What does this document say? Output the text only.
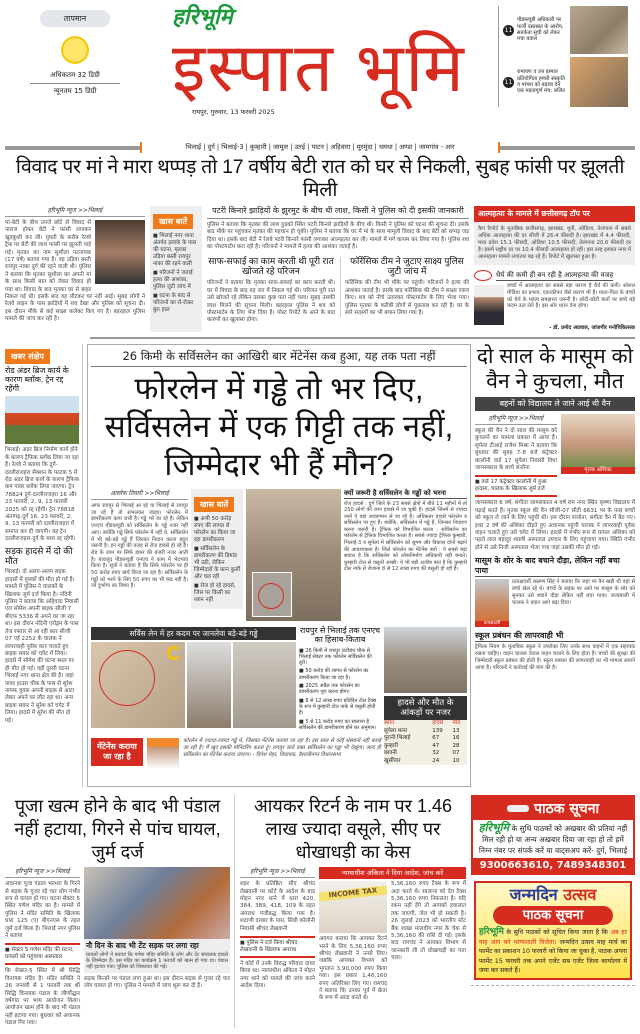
तापमान
अधिकतम 32 डिग्री
न्यूनतम 15 डिग्री
हरिभूमि
इस्पात भूमि
रायपुर, गुरुवार, 13 फरवरी 2025
11
पीडब्ल्यूडी अधिकारी पर फर्जी दस्तखत के आरोप, सतर्कता सूची को लेकर मचा बवाल
11
रामायण व उत्त इस्पात प्रतियोगिता हमारी संस्कृति व परंपरा को बढ़ावा देने एक महत्वपूर्ण मंच: ललित
भिलाई | दुर्ग | भिलाई-3 | कुम्हारी | जामुल | उतई | पाटन | अहिवारा | मुरमुंदा | धमधा | अण्डा | जामगांव - आर
विवाद पर मां ने मारा थप्पड़ तो 17 वर्षीय बेटी रात को घर से निकली, सुबह फांसी पर झूलती मिली
हरिभूमि न्यूज >>भिलाई
मां-बेटी के बीच उपजे छोटे से विवाद से नाराज होकर बेटी ने फांसी लगाकर खुदकुशी कर ली। युवती के करीब रेलवे ट्रैक पर बेटी की लाश फांसी पर झूलती पाई गई। मृतका का नाम सुशीला पटनायक (17 वर्ष) बताया गया है। वह उड़िया बस्ती रायपुर नाका दुर्ग की रहने वाली थी। पुलिस ने बताया कि मृतका सुशीला का अपनी मां के साथ किसी बात को लेकर विवाद हो गया था। विवाद के बाद मृतका घर से बाहर निकल गई थी। इसके बाद वह लौटकर घर नहीं आई। सुबह लोगों ने रेलवे लाइन के पास झाड़ियों में शव देखा और पुलिस को सूचना दी। इस दौरान मौके से कई साक्ष्य कलेक्ट किए गए हैं। बहरहाल पुलिस मामले की जांच कर रही है।
खास बातें
■ भिलाई नगर थाना अंतर्गत इलाके के पास की घटना, मृतका उड़िया बस्ती रायपुर नाका की रहने वाली
■ परिजनों ने जताई हत्या की आशंका, पुलिस जुटी जांच में
■ घटना के बाद से परिजनों का रो-रोकर बुरा हाल
पटरी किनारे झाड़ियों के झुरमुट के बीच थी लाश, किसी ने पुलिस को दी इसकी जानकारी
पुलिस ने बताया कि मृतका की लाश हुडको स्थित पटरी किनारे झाड़ियों के बीच थी। किसी ने पुलिस को घटना की सूचना दी। इसके बाद मौके पर पहुंचकर मृतका की पहचान हो चुकी। पुलिस ने बताया कि घर में मां के साथ मामूली विवाद के बाद बेटी को थप्पड़ जड़ दिया था। इसके बाद बेटी ने रेलवे पटरी किनारे फांसी लगाकर आत्महत्या कर ली। मामले में मर्ग कायम कर लिया गया है। पुलिस शव का पोस्टमार्टम करा रही है। परिजनों ने मामले में हत्या की आशंका जताई है।
साफ-सफाई का काम करती थी पूरी रात खोजते रहे परिजन
परिजनों ने बताया कि मृतका साफ-सफाई का काम करती थी। घर में विवाद के बाद वह रात में निकल गई थी। परिजन पूरी रात उसे खोजते रहे लेकिन उसका कुछ पता नहीं चला। सुबह उसकी लाश मिलने की सूचना मिली। बहरहाल पुलिस ने शव को पोस्टमार्टम के लिए भेज दिया है। पोस्ट रिपोर्ट के आने के बाद कारणों का खुलासा होगा।
फॉरेंसिक टीम ने जुटाए साक्ष्य पुलिस जुटी जांच में
फॉरेंसिक की टीम भी मौके पर पहुंची। परिजनों ने हत्या की आशंका जताई है। इसके बाद फॉरेंसिक की टीम ने साक्ष्य एकत्र किए। शव को नीचे उतारकर पोस्टमार्टम के लिए भेजा गया। पुलिस मृतका के करीबी लोगों से पूछताछ कर रही है। घर के सारे सदस्यों का भी बयान लिया गया है।
आत्महत्या के मामले में छत्तीसगढ़ टॉप पर
कैग रिपोर्ट के मुताबिक छत्तीसगढ़, झारखंड, यूपी, ओडिशा, तेलंगाना में सबसे अधिक आत्महत्या की दर सीजी में 26.4 फीसदी है। झारखंड में 4.4 फीसदी, मध्य प्रदेश 15.1 फीसदी, ओडिशा 10.5 फीसदी, तेलंगाना 20.6 फीसदी दर है। इसमें राष्ट्रीय दर पर 10.4 फीसदी आत्महत्या हो रही। इस तरह इस्पात नगर में आत्महत्या मामले लगातार बढ़ रहे हैं। रिपोर्ट में खुलासा हुआ है।
धैर्य की कमी ही बन रही है आत्महत्या की वजह
बच्चों में आत्महत्या का सबसे बड़ा कारण है धैर्य की कमी। सोशल मीडिया का प्रभाव, एकाकीपन जैसे कारण भी हैं। माता-पिता के बच्चों को धैर्य के महत्व समझाना जरूरी है। छोटी-छोटी बातों पर बच्चे बड़े कदम उठा लेते हैं। इस ओर ध्यान देना होगा।
- डॉ. प्रमोद अग्रवाल, जांजगीर मनोचिकित्सक
खबर संक्षेप
रोड अंडर ब्रिज कार्य के कारण ब्लॉक, ट्रेन रद्द रहेंगी
भिलाई। अंडर ब्रिज निर्माण कार्य होने के कारण ट्रैफिक ब्लॉक लिया जा रहा है। रेलवे ने बताया कि दुर्ग-दल्लीराजहरा सेक्शन के फाटक 5 में रोड अंडर ब्रिज कार्य के कारण ट्रैफिक कम पावर ब्लॉक लिया जाएगा। ट्रेन 78824 दुर्ग-दल्लीराजहरा 16 और 23 फरवरी, 2, 9, 13 फरवरी 2025 को रद्द रहेगी। ट्रेन 78818 अंतागढ़-दुर्ग 16, 23 फरवरी, 2, 9, 13 फरवरी को दल्लीराजहरा में समाप्त कर दी जाएगी। यह ट्रेन दल्लीराजहरा-दुर्ग के मध्य रद्द रहेगी।
सड़क हादसे में दो की मौत
भिलाई। दो अलग-अलग सड़क हादसों में युवकों की मौत हो गई है। मामले में पुलिस ने चालकों के खिलाफ जुर्म दर्ज किया है। नंदिनी पुलिस ने बताया कि अहिवारा निवासी एल सोमेश अपनी बाइक सीजी 7 बीएफ 5336 से अपने घर जा रहा था। इस दौरान नंदिनी एरोड्रम के पास तेज रफ्तार से आ रही कार सीजी 07 एई 2252 के चालक ने लापरवाही पूर्वक कार चलाते हुए बाइक सवार को चपेट में लिया। हादसे में सोमेश की घटना स्थल पर ही मौत हो गई। वहीं दूसरी घटना भिलाई नगर थाना क्षेत्र की है। जहां पावर हाउस चौक के पास से सुरेश नामक युवक अपनी बाइक से आटा लेकर अपने घर लौट रहा था। अन्य बाइक सवार ने सुरेश को चपेट में लिया। हादसे में सुरेश की मौत हो गई।
26 किमी के सर्विसलेन का आखिरी बार मेंटेनेंस कब हुआ, यह तक पता नहीं
फोरलेन में गड्ढे तो भर दिए, सर्विसलेन में एक गिट्टी तक नहीं, जिम्मेदार भी हैं मौन?
आलोक तिवारी >>भिलाई
अगर रायपुर से भिलाई आ रहे या भिलाई से रायपुर जा रहे हैं तो संभलकर जाइए। फोरलेन में डामरीकरण काम जारी है। गड्ढे भरे जा रहे हैं। लेकिन एनएच पीडब्ल्यूडी को सर्विसलेन के गड्ढे नजर नहीं आए। क्योंकि गड्ढे सिर्फ फोरलेन में नहीं थे, सर्विसलेन में भी बड़े-बड़े गड्ढे हैं जिनका निदान करना बहुत जरूरी है। इन गड्ढों की वजह से रोज हादसे हो रहे हैं। रोड के जाम पर सिर्फ डामर की बजरी नजर आती है। बावजूद पीडब्ल्यूडी एनएच ने काम में भेदभाव किया है। सूत्रों ने बताया है कि सिर्फ फोरलेन पर ही 50 करोड़ रुपए खर्च किया जा रहा है। सर्विसलेन के गड्ढों को भरने के लिए 50 रुपए का भी फंड नहीं है। जो दुर्भाग्य का विषय है।
खास बातें
■ अभी 50 करोड़ रुपए की लागत से फोरलेन का किया जा रहा डामरीकरण
■ सर्विसलेन के डामरीकरण की डिमांड भी उठी, लेकिन जिम्मेदारों के कान कुर्सी और चल रही
■ रोज हो रहे हादसे, जिस पर किसी का ध्यान नहीं
क्यों जरूरी है सर्विसलेन के गड्ढों को भरना
रोज हादसे : दुर्ग जिले के 23 सबसे क्षेत्रों में बीते 11 महीनों में तो 250 लोगों की जान हादसे में जा चुकी है। हादसे जिनमें से ज्यादा जानें ये यहां आवागमन से जा रहे हैं। अधिकतर हादसे फोरलेन व सर्विसलेन पर हुए हैं। क्योंकि, सर्विसलेन में गड्ढे हैं, जिनका निवारण करना जरूरी है। ट्रैफिक को विभाजित करता : सर्विसलेन का फोरलेन से ट्रैफिक विभाजित करता है। सबसे ज्यादा ट्रैफिक कुम्हारी, भिलाई-3 व सुपेला में सर्विसलेन को सुगम और विकास दोनों बढ़ाने की आवश्यकता है। जिले फोरलेन का मेंटेनेंस क्यों : ये सबसे बड़ा सवाल है कि सर्विसलेन को लोकनिर्माण अधिकारी नहीं बनाते। कुम्हारी टोल से वसूली अच्छी: ये भी बड़ी अजीब बात है कि कुम्हारी टोल नाके से रोजाना 8 से 12 लाख रुपए की वसूली हो रही है।
सर्विस लेन में हर कदम पर जानलेवा बड़े-बड़े गड्ढे	रायपुर से भिलाई तक एनएच का हिसाब-किताब
■ 26 किमी में रायपुर टाटीबंध चौक से भिलाई सेक्टर तक फोरलेन सर्विसलेन की दूरी।
■ 50 करोड़ की लागत से फोरलेन का डामरीकरण किया जा रहा है।
■ 2025 अप्रैल तक फोरलेन का डामरीकरण पूरा करना होगा।
■ 8 से 12 लाख रुपए प्रतिदिन टोल टैक्स के रूप में कुम्हारी टोल नाके से वसूली होती है।
■ 5 से 11 करोड़ रुपए का सालाना है सर्विसलेन की डामरीकरण होने का अनुमान।
मेंटेनेंस कराया जा रहा है
फोरलेन में ज्यादा-ज्यादा गड्ढे थे, जिसका मेंटेनेंस कराया जा रहा है। इस साल से कोई संस्थानों नहीं बताई जा रही है। मैं खुद इसकी मॉनिटरिंग करता हूं। रायपुर जाते वक्त सर्विसलेन का गड्ढा भी देखूंगा। जल्द ही सर्विसलेन का मेंटेनेंस कराया जाएगा। - दिनेश मेहर, विधायक, वैशालीनगर विधानसभा
हादसे और मौत के आंकड़ों पर नजर
स्थान	हादसे	मौत
सुपेला थाना	139	13
पुरानी भिलाई	67	16
कुम्हारी	47	28
छावनी	32	07
खुर्सीपार	24	10
दो साल के मासूम को वैन ने कुचला, मौत
बहनों को विद्यालय ले जाने आई थी वैन
हरिभूमि न्यूज >>भिलाई
स्कूल की वैन ने दो साल की मासूम को कुचलने का मामला प्रकाश में आया है। सुपेला टीआई राजेश मिश्रा ने बताया कि बुधवार की सुबह 7-8 बजे कंट्रेक्टर कालोनी वार्ड 17 सुपेला निवासी विधा जामसकाल के बच्चे संजोना
■ वार्ड 17 कंट्रेक्टर कालोनी में हुआ हादसा, चालक के खिलाफ जुर्म दर्ज
मृतक अंशिका
जामसकाल 6 वर्ष, संगीता जामसकाल 4 वर्ष राम नगर स्थित कृष्णा विद्यालय में पढ़ाई करते हैं। मृतक स्कूल की वैन सीजी-07 सीटी 6631 पर के पास बच्चों को स्कूल ले जाने के लिए पहुंची थी। इस दौरान संजोना, संगीता वैन में बैठ गए। इधर 2 वर्ष की अंशिका दौड़ते हुए अचानक पहुंची चालक ने लापरवाही पूर्वक वाहन चलाते हुए उसे चपेट में लिया। हादसे में गंभीर रूप से घायल अंशिका को पहले लाल बहादुर शास्त्री अस्पताल उपचार के लिए पहुंचाया गया। स्थिति गंभीर होने से उसे निजी अस्पताल भेजा गया जहां उसकी मौत हो गई।
मासूम के शोर के बाद बचाने दौड़ा, लेकिन नहीं बचा पाया
प्रत्यक्षदर्शी
प्रत्यक्षदर्शी लक्ष्मण सिंह ने बताया कि जहां पर वैन खड़ी थी वहां से बच्चे खेल रहे थे। बच्चों के सड़क पर आने पर मासूम के शोर को सुनकर उसे बचाने दौड़ा लेकिन नहीं बचा पाया। जल्दबाजी में चालक ने वाहन आगे बढ़ा दिया।
स्कूल प्रबंधन की लापरवाही भी
ट्रैफिक नियम के मुताबिक स्कूल ने उपरोक्त लिए उनके साथ वाहनों में एक सहायक रखना चाहिए। वाहन चालक केवल वाहन चलाने के लिए होता है। बच्चों की सुरक्षा की जिम्मेदारी स्कूल प्रबंधन की होती है। स्कूल प्रबंधन की लापरवाही का भी मामला सामने आया है। परिजनों ने कार्रवाई की मांग की है।
पूजा खत्म होने के बाद भी पंडाल नहीं हटाया, गिरने से पांच घायल, जुर्म दर्ज
हरिभूमि न्यूज >>भिलाई
अचानक पूजा पंडाल भरभरा के गिरने से सड़क के गुजर रहे चार लोग गंभीर रूप से घायल हो गए। घटना सेक्टर 5 स्थित गणेश मंदिर का है। मामले में पुलिस ने मंदिर समिति के खिलाफ धारा 125 (ए) बीएनएस के तहत जुर्म दर्ज किया है। भिलाई नगर पुलिस ने बताया
■ सेक्टर 5 गणेश मंदिर की घटना, घायलों को पहुंचाया अस्पताल
कि सेक्टर-5 स्थित में श्री सिद्धि विनायक मंदिर है। मंदिर समिति ने 26 जनवरी से 1 फरवरी तक श्री सिद्धि विनायक पंडाल के जीर्णोद्धार वर्षगांठ पर भव्य आयोजन किया। आयोजन खत्म होने के बाद भी पंडाल नहीं हटाया गया। बुधवार को अचानक पंडाल गिर गया।
नौ दिन के बाद भी टेंट सड़क पर लगा रहा
घायलों लोगों ने बताया कि गणेश मंदिर समिति के लोग और टेंट संचालक हादसे के जिम्मेदार हैं। उस मंदिर का कार्यक्रम 1 फरवरी को खत्म हो गया था। पंडाल नहीं हटाया गया। पुलिस को शिकायत की गई।
सड़क किनारे पर पंडाल लगा हुआ था। इस दौरान सड़क से गुजर रहे चार लोग घायल हो गए। पुलिस ने मामले में जांच शुरू कर दी है।
आयकर रिटर्न के नाम पर 1.46 लाख ज्यादा वसूले, सीए पर धोखाधड़ी का केस
हरिभूमि न्यूज >>भिलाई
शहर के प्रतिष्ठित सीए श्रीचंद लेखवानी पर कोर्ट के आदेश के बाद मोहन नगर थाने में धारा 420, 384, 389, 418, 109 के तहत अपराध पंजीबद्ध किया गया है। शदाणी दरबार के पास, सिंधी कॉलोनी निवासी श्रीचंद लेखवानी
■ पुलिस ने दर्ज किया श्रीचंद लेखवानी के खिलाफ अपराध
ने कोर्ट में उनके विरुद्ध परिवाद दायर किया था। न्यायाधीश अंकिता ने मोहन नगर थाने को मामले की जांच करने आदेश दिया।
न्यायाधीश अंकिता ने दिया आदेश, जांच करें
INCOME TAX
अवगत कराया कि आयकर रिटर्न भरने के लिए 5,36,160 रुपए श्रीचंद लेखवानी ने उनसे लिए। जबकि आयकर विभाग को भुगतान 3,90,000 रुपए किया गया। इस प्रकार 1,46,160 रुपए अतिरिक्त लिए गए। रामचंद ने बताया कि उनका पूर्व में क्रेता के रूप में आदा करते थे।
5,36,160 रुपए टैक्स के रूप में अदा करते थे। सालाना को देय टैक्स 5,36,160 रुपए निकलता है। यदि रकम नहीं देंगे तो आपको हवालात तक जाएगी, जेल भी हो सकती है। 26 जुलाई 2023 को भारतीय स्टेट बैंक शाखा मालवीय नगर के चेक से 5,36,160 की राशि दी गई। इसके बाद रामचंद ने आयकर विभाग से जानकारी ली तो धोखाधड़ी का पता चला।
पाठक सूचना
हरिभूमि के सुधि पाठकों को अखबार की प्रतियां नहीं मिल रही हो या अन्य अखबार दिया जा रहा हो तो हमें निम्न नंबर पर संपर्क करें या वाट्सअप करें- दुर्ग, भिलाई
9300663610, 7489348301
जन्मदिन उत्सव
पाठक सूचना
हरिभूमि के सुधि पाठकों को सूचित किया जाता है कि अब हर माह आप बने भाग्यशाली विजेता। जन्मदिन उत्सव माह मार्च का फार्मेट का प्रकाशन 10 फरवरी को किया जा चुका है, पाठक अपना फार्मेट 15 फरवरी तक अपने एजेंट सब एजेंट जिला कार्यालय में जमा कर सकते हैं।
